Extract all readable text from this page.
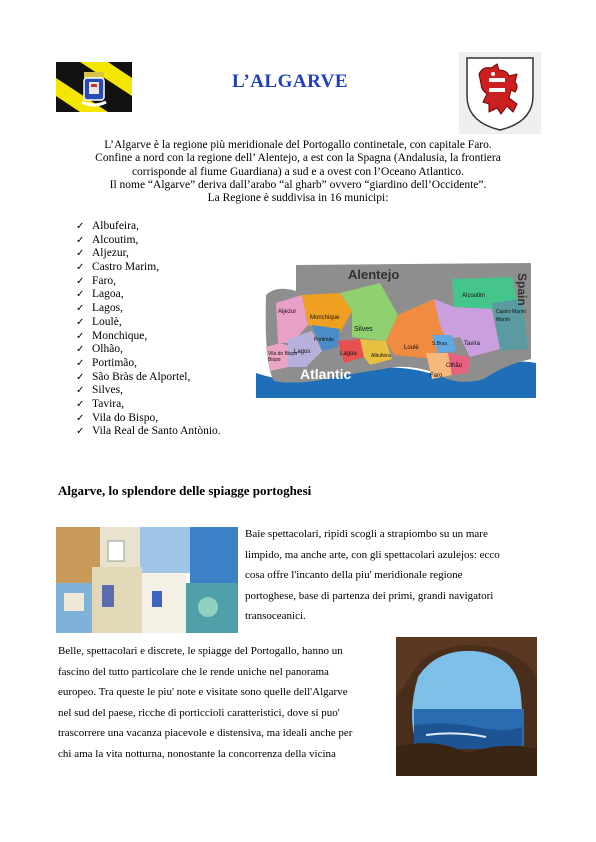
L’ALGARVE
L’Algarve è la regione più meridionale del Portogallo continetale, con capitale Faro.
Confine a nord con la regione dell’ Alentejo, a est con la Spagna (Andalusia, la frontiera
corrisponde al fiume Guardiana) a sud e a ovest con l’Oceano Atlantico.
Il nome “Algarve” deriva dall’arabo “al gharb” ovvero “giardino dell’Occidente”.
La Regione è suddivisa in 16 municipi:
✓ Albufeira,
✓ Alcoutim,
✓ Aljezur,
✓ Castro Marim,
✓ Faro,
✓ Lagoa,
✓ Lagos,
✓ Loulè,
✓ Monchique,
✓ Olhão,
✓ Portimão,
✓ São Bràs de Alportel,
✓ Silves,
✓ Tavira,
✓ Vila do Bispo,
✓ Vila Real de Santo Antònio.
Alentejo	Spain
Atlantic
Aljezur
Monchique
Silves
Alcoutim
Castro Marim
Marim
Vila do Bispo
Bispo
Lagos
Portimão
Lagoa	Albufeira
Loulè
S.Bras	Tavira
Faro
Olhão
Algarve, lo splendore delle spiagge portoghesi
Baie spettacolari, ripidi scogli a strapiombo su un mare
limpido, ma anche arte, con gli spettacolari azulejos: ecco
cosa offre l'incanto della piu' meridionale regione
portoghese, base di partenza dei primi, grandi navigatori
transoceanici.
Belle, spettacolari e discrete, le spiagge del Portogallo, hanno un
fascino del tutto particolare che le rende uniche nel panorama
europeo. Tra queste le piu' note e visitate sono quelle dell'Algarve
nel sud del paese, ricche di porticcioli caratteristici, dove si puo'
trascorrere una vacanza piacevole e distensiva, ma ideali anche per
chi ama la vita notturna, nonostante la concorrenza della vicina
